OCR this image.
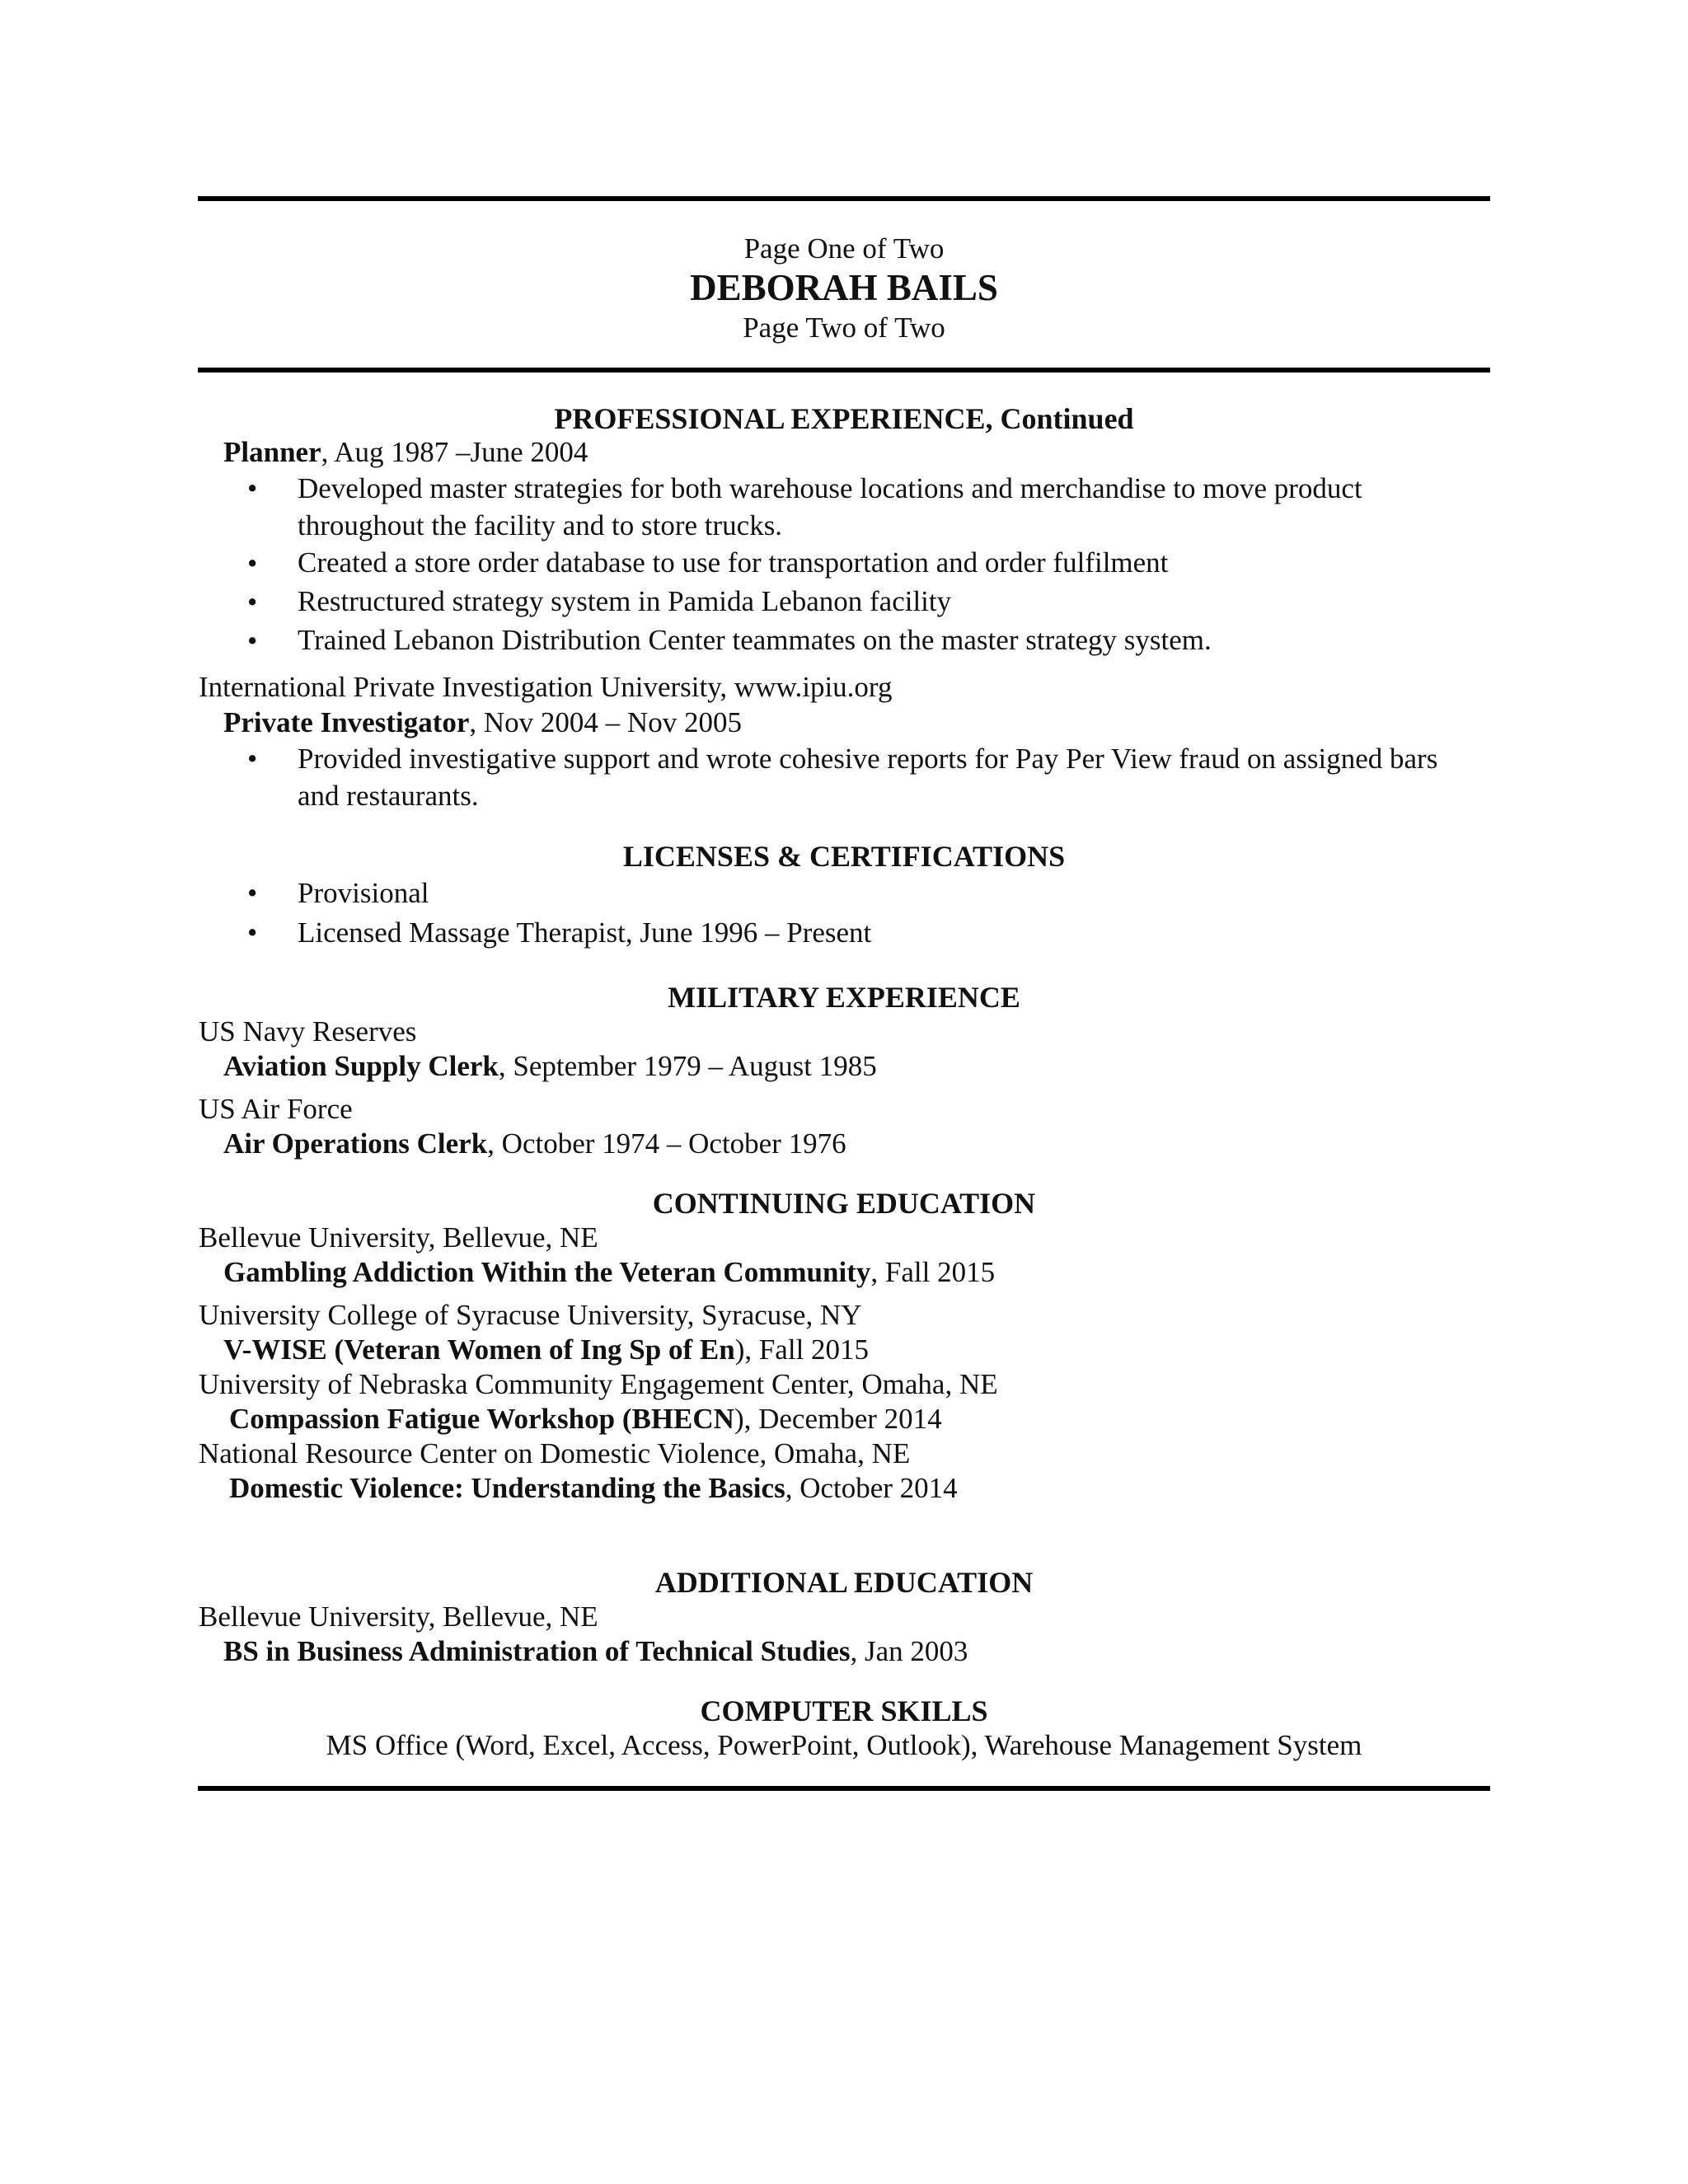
Page One of Two
DEBORAH BAILS
Page Two of Two
PROFESSIONAL EXPERIENCE, Continued
Planner, Aug 1987 –June 2004
• Developed master strategies for both warehouse locations and merchandise to move product throughout the facility and to store trucks.
• Created a store order database to use for transportation and order fulfilment
• Restructured strategy system in Pamida Lebanon facility
• Trained Lebanon Distribution Center teammates on the master strategy system.
International Private Investigation University, www.ipiu.org
Private Investigator, Nov 2004 – Nov 2005
• Provided investigative support and wrote cohesive reports for Pay Per View fraud on assigned bars and restaurants.
LICENSES & CERTIFICATIONS
• Provisional
• Licensed Massage Therapist, June 1996 – Present
MILITARY EXPERIENCE
US Navy Reserves
Aviation Supply Clerk, September 1979 – August 1985
US Air Force
Air Operations Clerk, October 1974 – October 1976
CONTINUING EDUCATION
Bellevue University, Bellevue, NE
Gambling Addiction Within the Veteran Community, Fall 2015
University College of Syracuse University, Syracuse, NY
V-WISE (Veteran Women of Ing Sp of En), Fall 2015
University of Nebraska Community Engagement Center, Omaha, NE
Compassion Fatigue Workshop (BHECN), December 2014
National Resource Center on Domestic Violence, Omaha, NE
Domestic Violence: Understanding the Basics, October 2014
ADDITIONAL EDUCATION
Bellevue University, Bellevue, NE
BS in Business Administration of Technical Studies, Jan 2003
COMPUTER SKILLS
MS Office (Word, Excel, Access, PowerPoint, Outlook), Warehouse Management System
